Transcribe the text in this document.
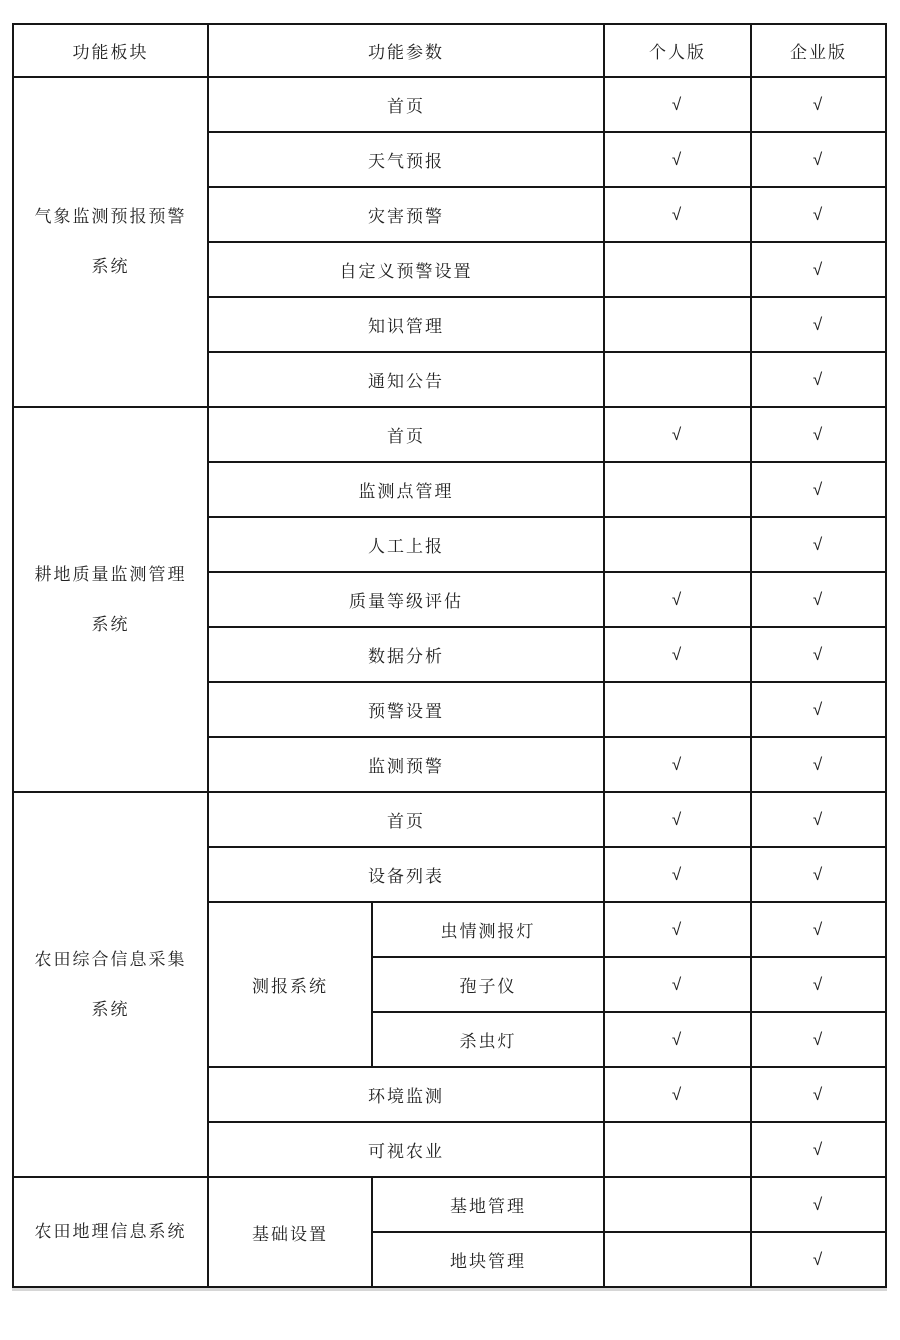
功能板块	功能参数		个人版	企业版
气象监测预报预警系统	首页		√	√
	天气预报		√	√
	灾害预警		√	√
	自定义预警设置			√
	知识管理			√
	通知公告			√
耕地质量监测管理系统	首页		√	√
	监测点管理			√
	人工上报			√
	质量等级评估		√	√
	数据分析		√	√
	预警设置			√
	监测预警		√	√
农田综合信息采集系统	首页		√	√
	设备列表		√	√
	测报系统	虫情测报灯	√	√
		孢子仪	√	√
		杀虫灯	√	√
	环境监测		√	√
	可视农业			√
农田地理信息系统	基础设置	基地管理		√
		地块管理		√
